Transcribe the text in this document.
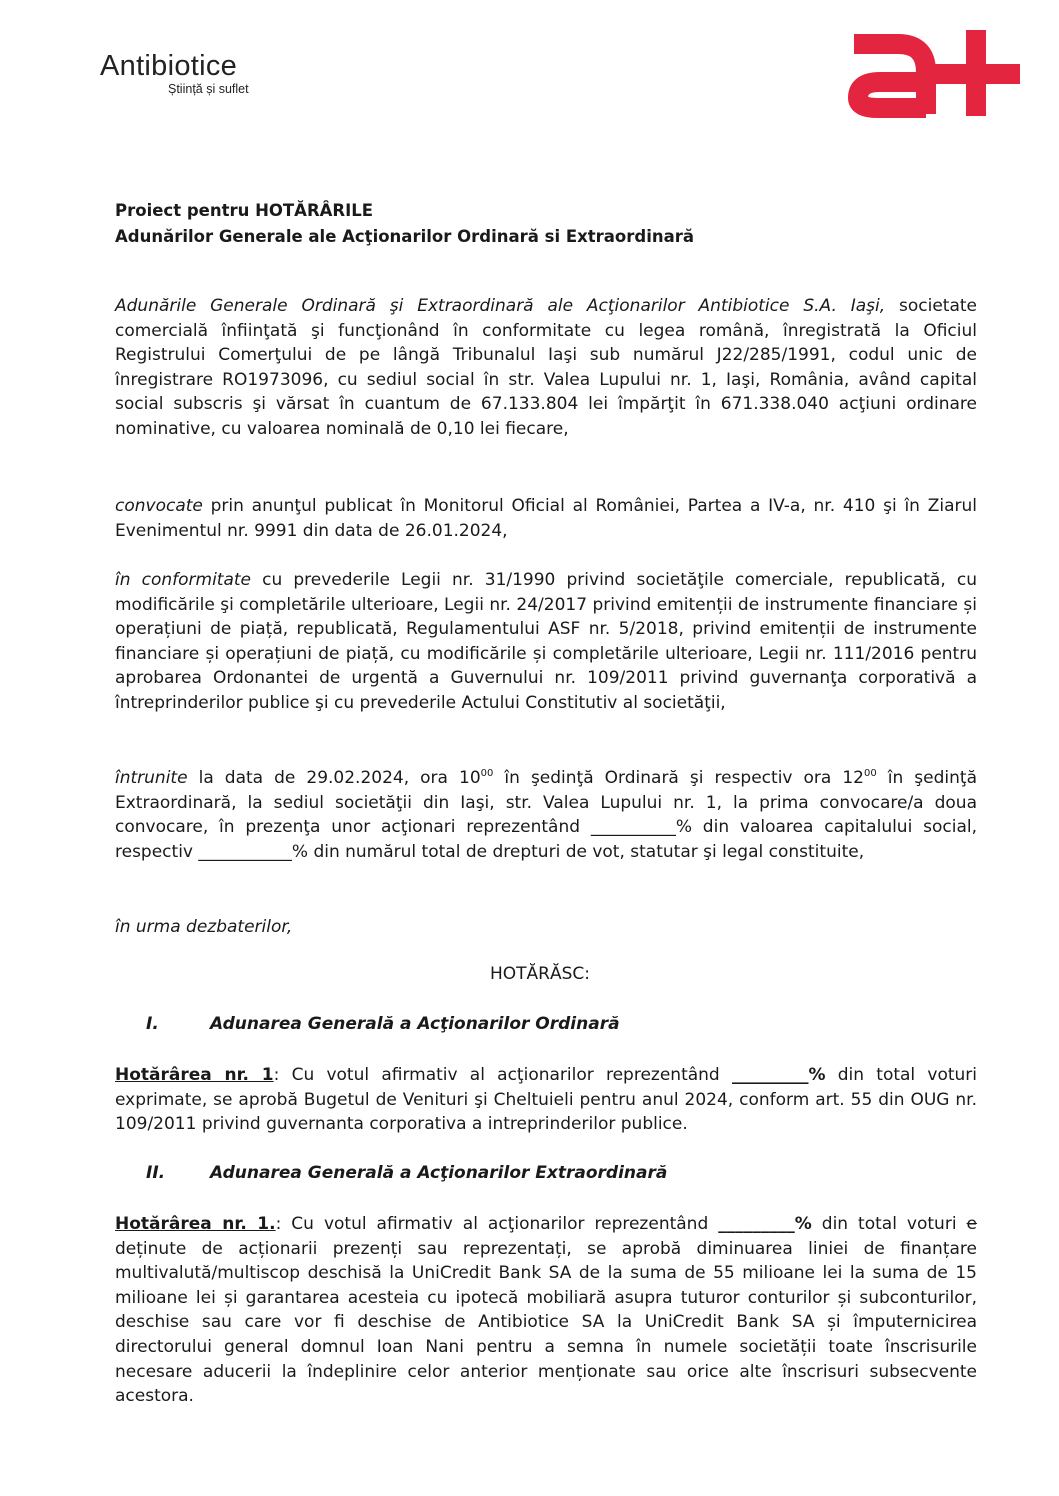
Antibiotice
Știință și suflet
Proiect pentru HOTĂRÂRILE
Adunărilor Generale ale Acţionarilor Ordinară si Extraordinară

Adunările Generale Ordinară şi Extraordinară ale Acţionarilor Antibiotice S.A. Iaşi, societate comercială înfiinţată şi funcţionând în conformitate cu legea română, înregistrată la Oficiul Registrului Comerţului de pe lângă Tribunalul Iaşi sub numărul J22/285/1991, codul unic de înregistrare RO1973096, cu sediul social în str. Valea Lupului nr. 1, Iaşi, România, având capital social subscris şi vărsat în cuantum de 67.133.804 lei împărţit în 671.338.040 acţiuni ordinare nominative, cu valoarea nominală de 0,10 lei fiecare,

convocate prin anunţul publicat în Monitorul Oficial al României, Partea a IV-a, nr. 410 şi în Ziarul Evenimentul nr. 9991 din data de 26.01.2024,

în conformitate cu prevederile Legii nr. 31/1990 privind societăţile comerciale, republicată, cu modificările şi completările ulterioare, Legii nr. 24/2017 privind emitenții de instrumente financiare și operațiuni de piață, republicată, Regulamentului ASF nr. 5/2018, privind emitenții de instrumente financiare și operațiuni de piață, cu modificările și completările ulterioare, Legii nr. 111/2016 pentru aprobarea Ordonantei de urgentă a Guvernului nr. 109/2011 privind guvernanţa corporativă a întreprinderilor publice şi cu prevederile Actului Constitutiv al societăţii,

întrunite la data de 29.02.2024, ora $10^{00}$ în şedinţă Ordinară şi respectiv ora $12^{00}$ în şedinţă Extraordinară, la sediul societăţii din Iaşi, str. Valea Lupului nr. 1, la prima convocare/a doua convocare, în prezenţa unor acţionari reprezentând __________% din valoarea capitalului social, respectiv ___________% din numărul total de drepturi de vot, statutar şi legal constituite,

în urma dezbaterilor,
HOTĂRĂSC:
I.	Adunarea Generală a Acţionarilor Ordinară

Hotărârea nr. 1: Cu votul afirmativ al acţionarilor reprezentând _________% din total voturi exprimate, se aprobă Bugetul de Venituri şi Cheltuieli pentru anul 2024, conform art. 55 din OUG nr. 109/2011 privind guvernanta corporativa a intreprinderilor publice.

II.	Adunarea Generală a Acţionarilor Extraordinară

Hotărârea nr. 1.: Cu votul afirmativ al acţionarilor reprezentând _________% din total voturi e deținute de acționarii prezenți sau reprezentați, se aprobă diminuarea liniei de finanțare multivalută/multiscop deschisă la UniCredit Bank SA de la suma de 55 milioane lei la suma de 15 milioane lei și garantarea acesteia cu ipotecă mobiliară asupra tuturor conturilor și subconturilor, deschise sau care vor fi deschise de Antibiotice SA la UniCredit Bank SA și împuternicirea directorului general domnul Ioan Nani pentru a semna în numele societății toate înscrisurile necesare aducerii la îndeplinire celor anterior menționate sau orice alte înscrisuri subsecvente acestora.
